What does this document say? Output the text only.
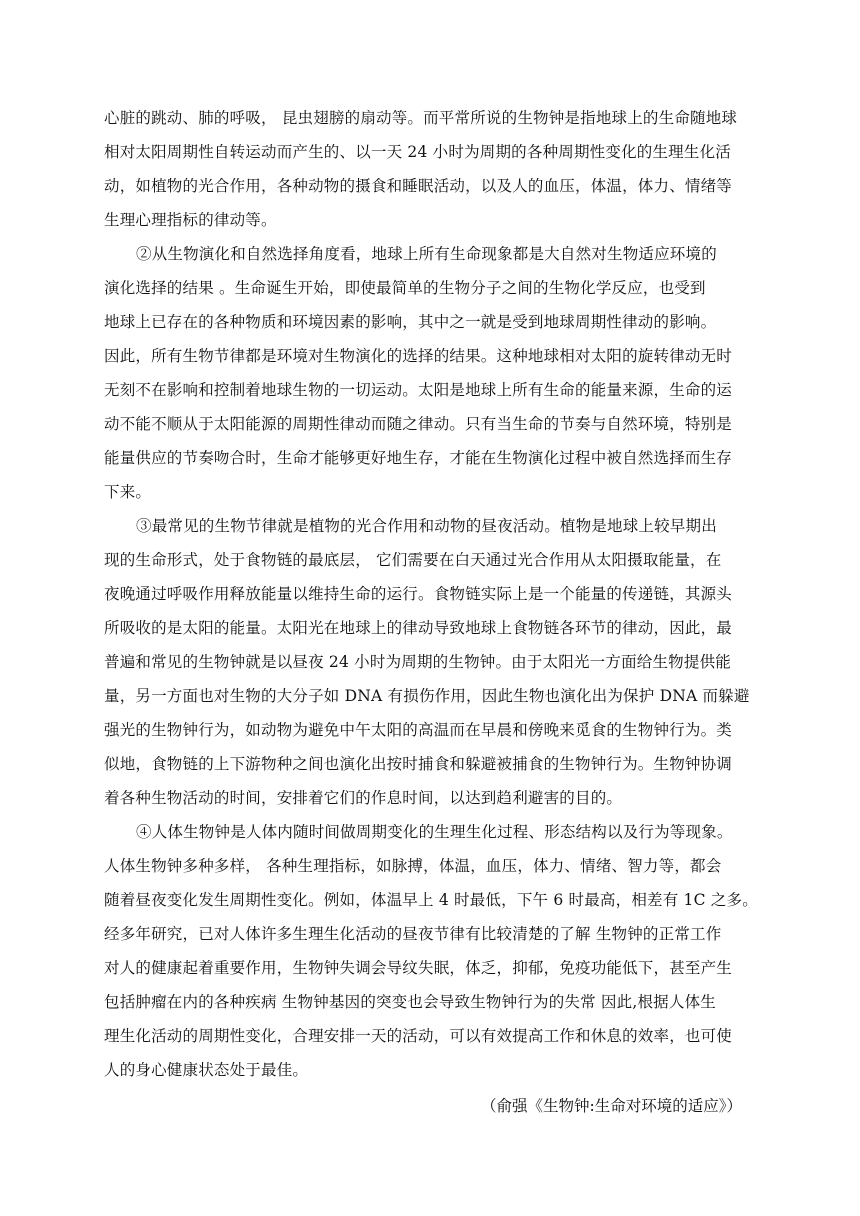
心脏的跳动、肺的呼吸， 昆虫翅膀的扇动等。而平常所说的生物钟是指地球上的生命随地球
相对太阳周期性自转运动而产生的、以一天 24 小时为周期的各种周期性变化的生理生化活
动，如植物的光合作用，各种动物的摄食和睡眠活动，以及人的血压，体温，体力、情绪等
生理心理指标的律动等。
②从生物演化和自然选择角度看，地球上所有生命现象都是大自然对生物适应环境的
演化选择的结果 。生命诞生开始，即使最简单的生物分子之间的生物化学反应，也受到
地球上已存在的各种物质和环境因素的影响，其中之一就是受到地球周期性律动的影响。
因此，所有生物节律都是环境对生物演化的选择的结果。这种地球相对太阳的旋转律动无时
无刻不在影响和控制着地球生物的一切运动。太阳是地球上所有生命的能量来源，生命的运
动不能不顺从于太阳能源的周期性律动而随之律动。只有当生命的节奏与自然环境，特别是
能量供应的节奏吻合时，生命才能够更好地生存，才能在生物演化过程中被自然选择而生存
下来。
③最常见的生物节律就是植物的光合作用和动物的昼夜活动。植物是地球上较早期出
现的生命形式，处于食物链的最底层， 它们需要在白天通过光合作用从太阳摄取能量，在
夜晚通过呼吸作用释放能量以维持生命的运行。食物链实际上是一个能量的传递链，其源头
所吸收的是太阳的能量。太阳光在地球上的律动导致地球上食物链各环节的律动，因此，最
普遍和常见的生物钟就是以昼夜 24 小时为周期的生物钟。由于太阳光一方面给生物提供能
量，另一方面也对生物的大分子如 DNA 有损伤作用，因此生物也演化出为保护 DNA 而躲避
强光的生物钟行为，如动物为避免中午太阳的高温而在早晨和傍晚来觅食的生物钟行为。类
似地，食物链的上下游物种之间也演化出按时捕食和躲避被捕食的生物钟行为。生物钟协调
着各种生物活动的时间，安排着它们的作息时间，以达到趋利避害的目的。
④人体生物钟是人体内随时间做周期变化的生理生化过程、形态结构以及行为等现象。
人体生物钟多种多样， 各种生理指标，如脉搏，体温，血压，体力、情绪、智力等，都会
随着昼夜变化发生周期性变化。例如，体温早上 4 时最低，下午 6 时最高，相差有 1C 之多。
经多年研究，已对人体许多生理生化活动的昼夜节律有比较清楚的了解 生物钟的正常工作
对人的健康起着重要作用，生物钟失调会导纹失眠，体乏，抑郁，免疫功能低下，甚至产生
包括肿瘤在内的各种疾病 生物钟基因的突变也会导致生物钟行为的失常 因此,根据人体生
理生化活动的周期性变化，合理安排一天的活动，可以有效提高工作和休息的效率，也可使
人的身心健康状态处于最佳。
（俞强《生物钟:生命对环境的适应》）
